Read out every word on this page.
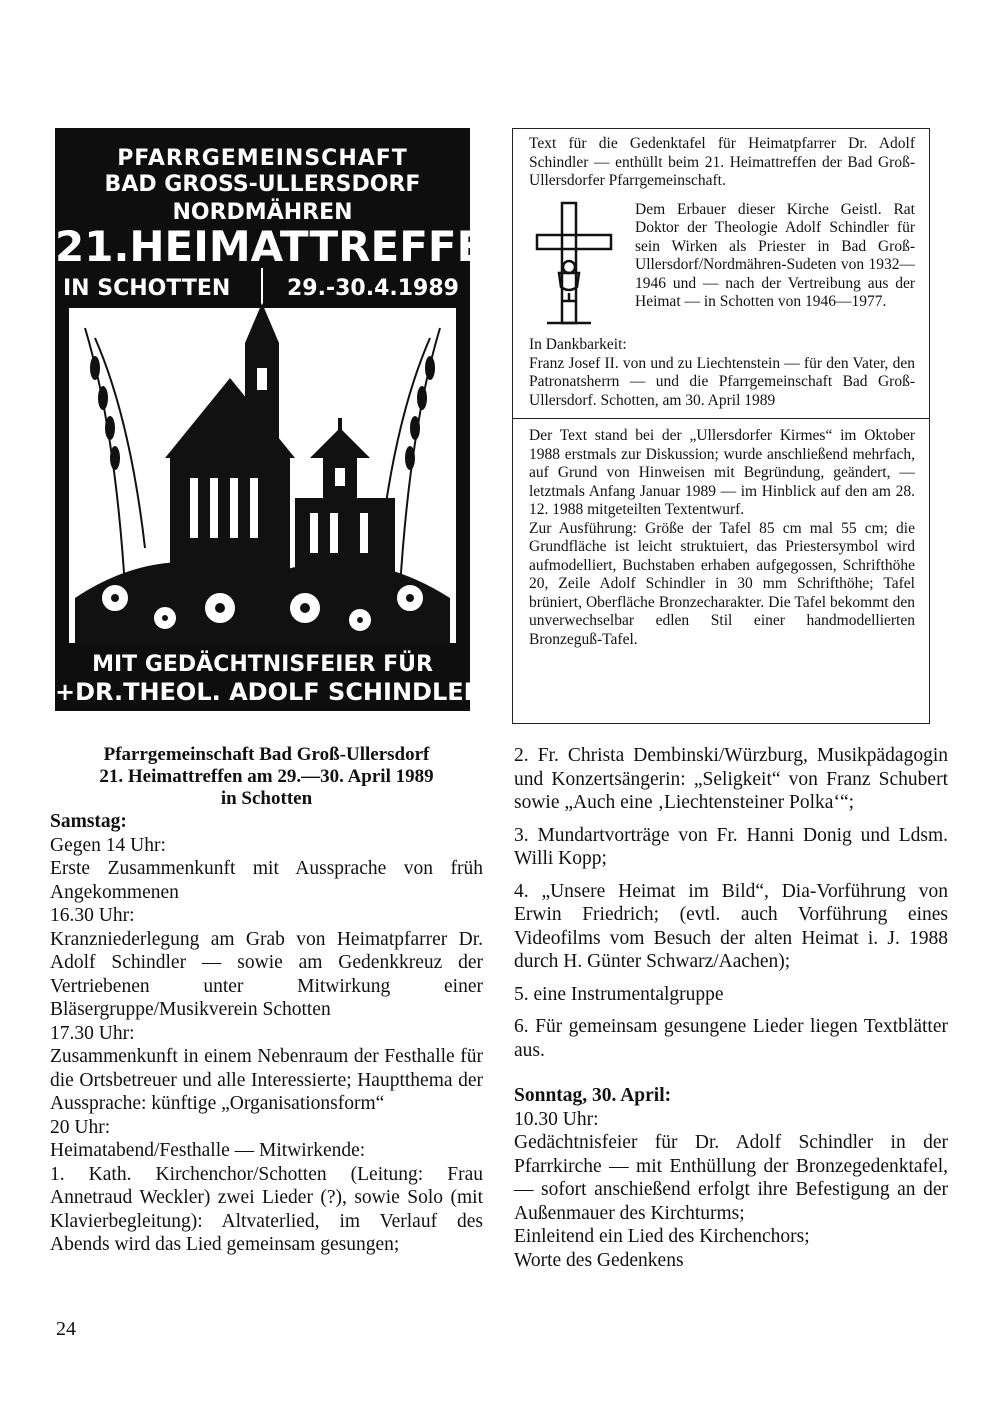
PFARRGEMEINSCHAFT
BAD GROSS-ULLERSDORF
NORDMÄHREN
21.HEIMATTREFFEN
IN SCHOTTEN	29.-30.4.1989
MIT GEDÄCHTNISFEIER FÜR
+DR.THEOL. ADOLF SCHINDLER

Text für die Gedenktafel für Heimatpfarrer Dr. Adolf Schindler — enthüllt beim 21. Heimattreffen der Bad Groß-Ullersdorfer Pfarrgemeinschaft.

Dem Erbauer dieser Kirche Geistl. Rat Doktor der Theologie Adolf Schindler für sein Wirken als Priester in Bad Groß-Ullersdorf/Nordmähren-Sudeten von 1932—1946 und — nach der Vertreibung aus der Heimat — in Schotten von 1946—1977.

In Dankbarkeit:

Franz Josef II. von und zu Liechtenstein — für den Vater, den Patronatsherrn — und die Pfarrgemeinschaft Bad Groß-Ullersdorf. Schotten, am 30. April 1989

Der Text stand bei der „Ullersdorfer Kirmes“ im Oktober 1988 erstmals zur Diskussion; wurde anschließend mehrfach, auf Grund von Hinweisen mit Begründung, geändert, — letztmals Anfang Januar 1989 — im Hinblick auf den am 28. 12. 1988 mitgeteilten Textentwurf.

Zur Ausführung: Größe der Tafel 85 cm mal 55 cm; die Grundfläche ist leicht struktuiert, das Priestersymbol wird aufmodelliert, Buchstaben erhaben aufgegossen, Schrifthöhe 20, Zeile Adolf Schindler in 30 mm Schrifthöhe; Tafel brüniert, Oberfläche Bronzecharakter. Die Tafel bekommt den unverwechselbar edlen Stil einer handmodellierten Bronzeguß-Tafel.

Pfarrgemeinschaft Bad Groß-Ullersdorf

21. Heimattreffen am 29.—30. April 1989

in Schotten

Samstag:

Gegen 14 Uhr:

Erste Zusammenkunft mit Aussprache von früh Angekommenen

16.30 Uhr:

Kranzniederlegung am Grab von Heimatpfarrer Dr. Adolf Schindler — sowie am Gedenkkreuz der Vertriebenen unter Mitwirkung einer Bläsergruppe/Musikverein Schotten

17.30 Uhr:

Zusammenkunft in einem Nebenraum der Festhalle für die Ortsbetreuer und alle Interessierte; Hauptthema der Aussprache: künftige „Organisationsform“

20 Uhr:

Heimatabend/Festhalle — Mitwirkende:

1. Kath. Kirchenchor/Schotten (Leitung: Frau Annetraud Weckler) zwei Lieder (?), sowie Solo (mit Klavierbegleitung): Altvaterlied, im Verlauf des Abends wird das Lied gemeinsam gesungen;

2. Fr. Christa Dembinski/Würzburg, Musikpädagogin und Konzertsängerin: „Seligkeit“ von Franz Schubert sowie „Auch eine ‚Liechtensteiner Polka‘“;

3. Mundartvorträge von Fr. Hanni Donig und Ldsm. Willi Kopp;

4. „Unsere Heimat im Bild“, Dia-Vorführung von Erwin Friedrich; (evtl. auch Vorführung eines Videofilms vom Besuch der alten Heimat i. J. 1988 durch H. Günter Schwarz/Aachen);

5. eine Instrumentalgruppe

6. Für gemeinsam gesungene Lieder liegen Textblätter aus.

Sonntag, 30. April:

10.30 Uhr:

Gedächtnisfeier für Dr. Adolf Schindler in der Pfarrkirche — mit Enthüllung der Bronzegedenktafel, — sofort anschießend erfolgt ihre Befestigung an der Außenmauer des Kirchturms;

Einleitend ein Lied des Kirchenchors;

Worte des Gedenkens

24
